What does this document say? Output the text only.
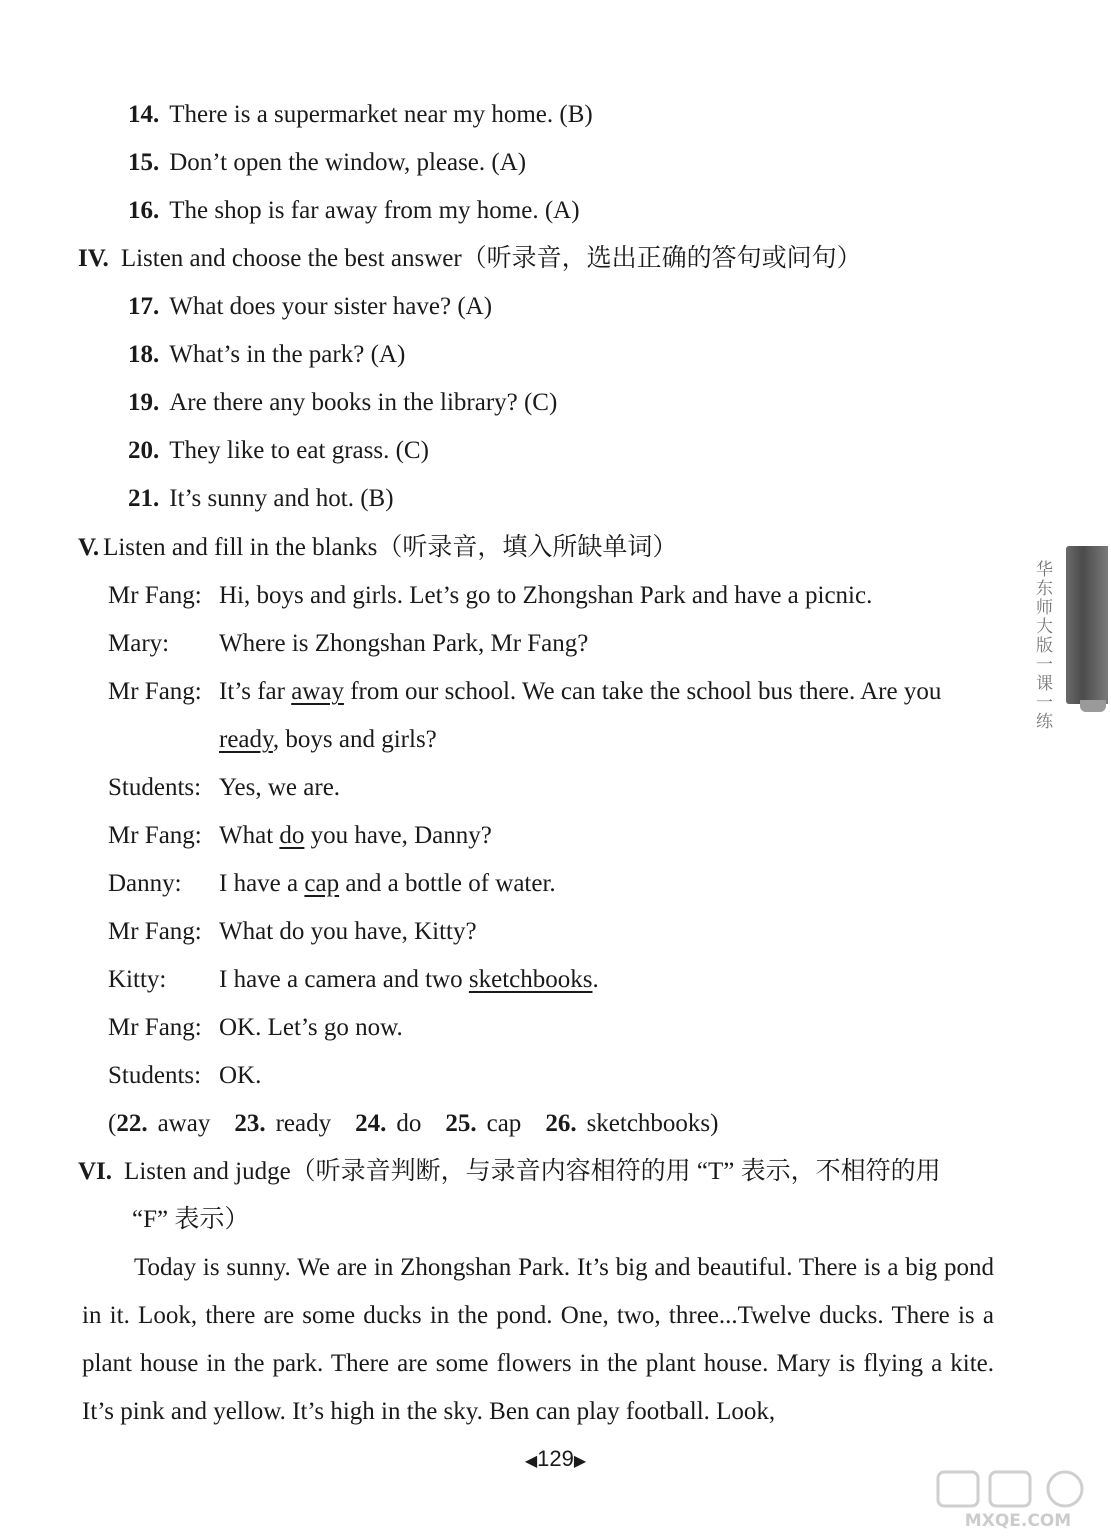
14. There is a supermarket near my home. (B)
15. Don’t open the window, please. (A)
16. The shop is far away from my home. (A)
IV. Listen and choose the best answer（听录音，选出正确的答句或问句）
17. What does your sister have? (A)
18. What’s in the park? (A)
19. Are there any books in the library? (C)
20. They like to eat grass. (C)
21. It’s sunny and hot. (B)
V. Listen and fill in the blanks（听录音，填入所缺单词）
Mr Fang: Hi, boys and girls. Let’s go to Zhongshan Park and have a picnic.
Mary: Where is Zhongshan Park, Mr Fang?
Mr Fang: It’s far away from our school. We can take the school bus there. Are you
ready, boys and girls?
Students: Yes, we are.
Mr Fang: What do you have, Danny?
Danny: I have a cap and a bottle of water.
Mr Fang: What do you have, Kitty?
Kitty: I have a camera and two sketchbooks.
Mr Fang: OK. Let’s go now.
Students: OK.
(22. away 23. ready 24. do 25. cap 26. sketchbooks)
VI. Listen and judge（听录音判断，与录音内容相符的用 “T” 表示，不相符的用
“F” 表示）

Today is sunny. We are in Zhongshan Park. It’s big and beautiful. There is a big pond in it. Look, there are some ducks in the pond. One, two, three...Twelve ducks. There is a plant house in the park. There are some flowers in the plant house. Mary is flying a kite. It’s pink and yellow. It’s high in the sky. Ben can play football. Look,

华东师大版一课一练
◀129▶
MXQE.COM
